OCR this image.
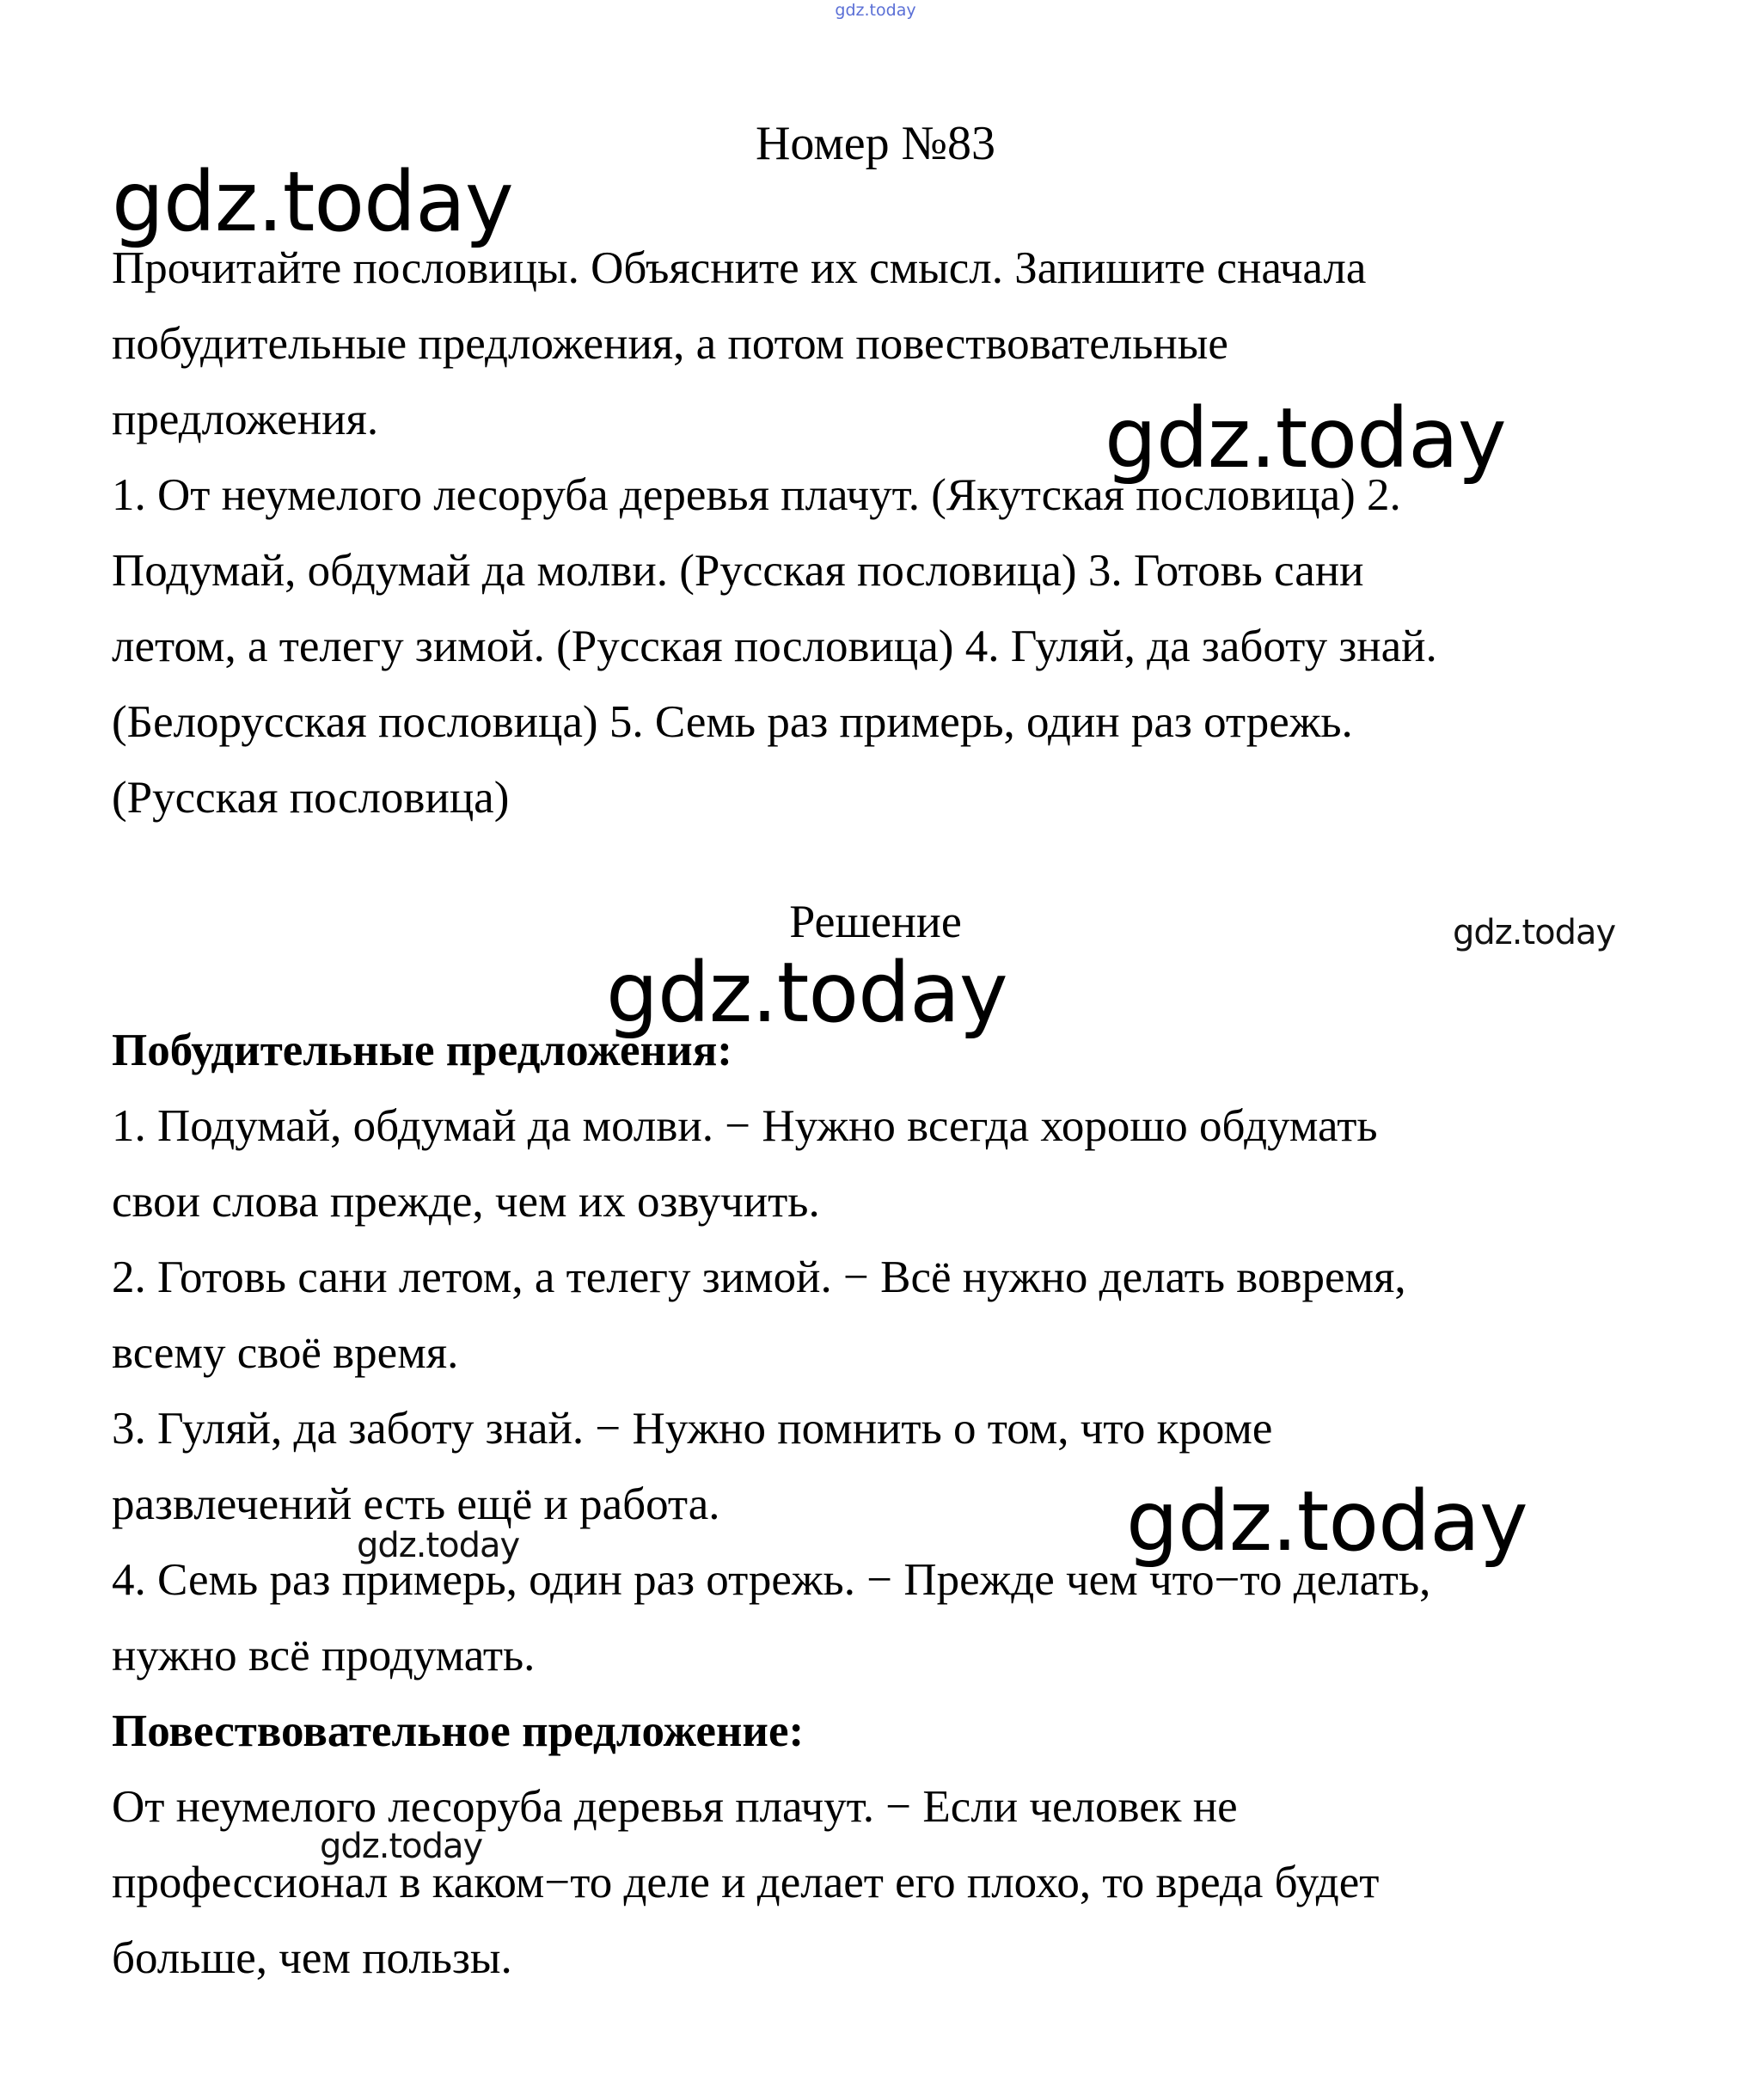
gdz.today
Номер №83

Прочитайте пословицы. Объясните их смысл. Запишите сначала

побудительные предложения, а потом повествовательные

предложения.

1. От неумелого лесоруба деревья плачут. (Якутская пословица) 2.

Подумай, обдумай да молви. (Русская пословица) 3. Готовь сани

летом, а телегу зимой. (Русская пословица) 4. Гуляй, да заботу знай.

(Белорусская пословица) 5. Семь раз примерь, один раз отрежь.

(Русская пословица)

Решение

Побудительные предложения:

1. Подумай, обдумай да молви. − Нужно всегда хорошо обдумать

свои слова прежде, чем их озвучить.

2. Готовь сани летом, а телегу зимой. − Всё нужно делать вовремя,

всему своё время.

3. Гуляй, да заботу знай. − Нужно помнить о том, что кроме

развлечений есть ещё и работа.

4. Семь раз примерь, один раз отрежь. − Прежде чем что−то делать,

нужно всё продумать.

Повествовательное предложение:

От неумелого лесоруба деревья плачут. − Если человек не

профессионал в каком−то деле и делает его плохо, то вреда будет

больше, чем пользы.

gdz.today
gdz.today
gdz.today
gdz.today
gdz.today	gdz.today
gdz.today
